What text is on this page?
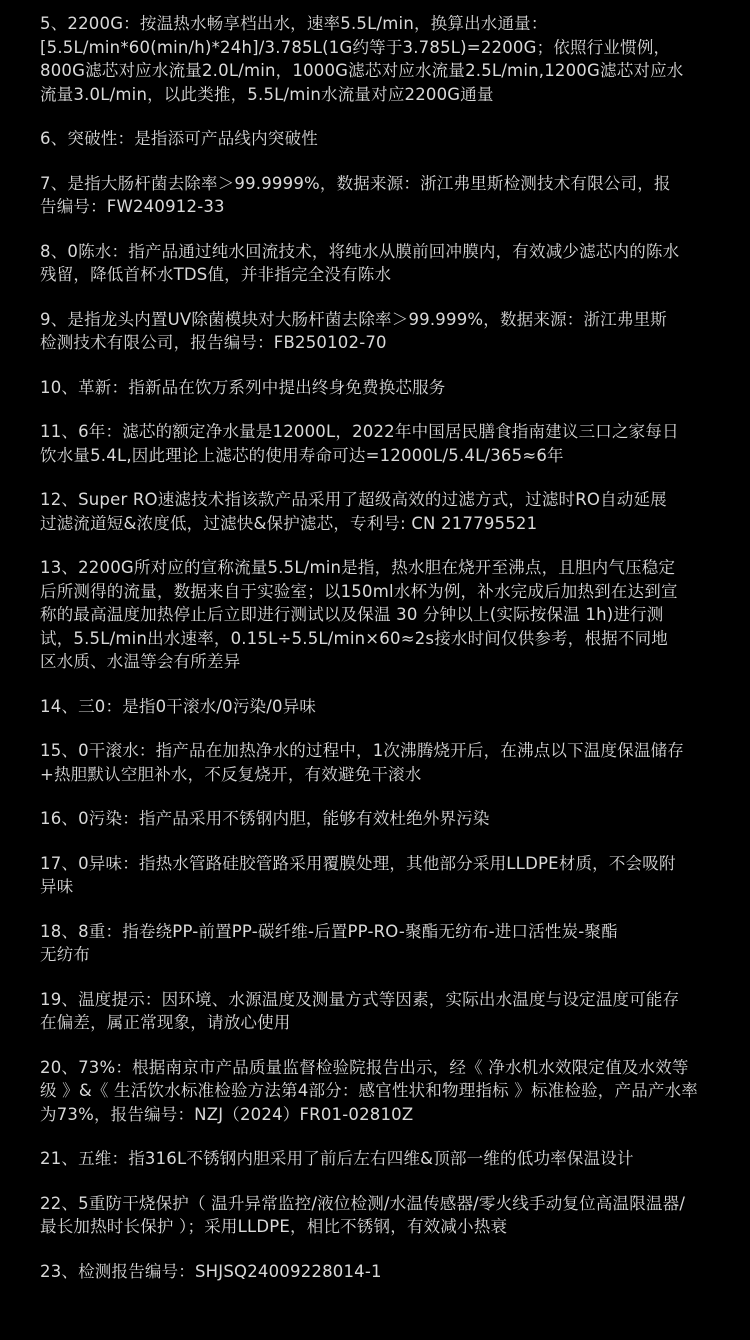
5、2200G：按温热水畅享档出水，速率5.5L/min，换算出水通量：
[5.5L/min*60(min/h)*24h]/3.785L(1G约等于3.785L)=2200G；依照行业惯例，
800G滤芯对应水流量2.0L/min，1000G滤芯对应水流量2.5L/min,1200G滤芯对应水
流量3.0L/min，以此类推，5.5L/min水流量对应2200G通量
6、突破性：是指添可产品线内突破性
7、是指大肠杆菌去除率＞99.9999%，数据来源：浙江弗里斯检测技术有限公司，报
告编号：FW240912-33
8、0陈水：指产品通过纯水回流技术，将纯水从膜前回冲膜内，有效减少滤芯内的陈水
残留，降低首杯水TDS值，并非指完全没有陈水
9、是指龙头内置UV除菌模块对大肠杆菌去除率＞99.999%，数据来源：浙江弗里斯
检测技术有限公司，报告编号：FB250102-70
10、革新：指新品在饮万系列中提出终身免费换芯服务
11、6年：滤芯的额定净水量是12000L，2022年中国居民膳食指南建议三口之家每日
饮水量5.4L,因此理论上滤芯的使用寿命可达=12000L/5.4L/365≈6年
12、Super RO速滤技术指该款产品采用了超级高效的过滤方式，过滤时RO自动延展
过滤流道短&浓度低，过滤快&保护滤芯，专利号: CN 217795521
13、2200G所对应的宣称流量5.5L/min是指，热水胆在烧开至沸点，且胆内气压稳定
后所测得的流量，数据来自于实验室；以150ml水杯为例，补水完成后加热到在达到宣
称的最高温度加热停止后立即进行测试以及保温 30 分钟以上(实际按保温 1h)进行测
试，5.5L/min出水速率，0.15L÷5.5L/min×60≈2s接水时间仅供参考，根据不同地
区水质、水温等会有所差异
14、三0：是指0干滚水/0污染/0异味
15、0干滚水：指产品在加热净水的过程中，1次沸腾烧开后，在沸点以下温度保温储存
+热胆默认空胆补水，不反复烧开，有效避免干滚水
16、0污染：指产品采用不锈钢内胆，能够有效杜绝外界污染
17、0异味：指热水管路硅胶管路采用覆膜处理，其他部分采用LLDPE材质，不会吸附
异味
18、8重：指卷绕PP-前置PP-碳纤维-后置PP-RO-聚酯无纺布-进口活性炭-聚酯
无纺布
19、温度提示：因环境、水源温度及测量方式等因素，实际出水温度与设定温度可能存
在偏差，属正常现象，请放心使用
20、73%：根据南京市产品质量监督检验院报告出示，经《 净水机水效限定值及水效等
级 》&《 生活饮水标准检验方法第4部分：感官性状和物理指标 》标准检验，产品产水率
为73%，报告编号：NZJ（2024）FR01-02810Z
21、五维：指316L不锈钢内胆采用了前后左右四维&顶部一维的低功率保温设计
22、5重防干烧保护（ 温升异常监控/液位检测/水温传感器/零火线手动复位高温限温器/
最长加热时长保护 ）；采用LLDPE，相比不锈钢，有效减小热衰
23、检测报告编号：SHJSQ24009228014-1
